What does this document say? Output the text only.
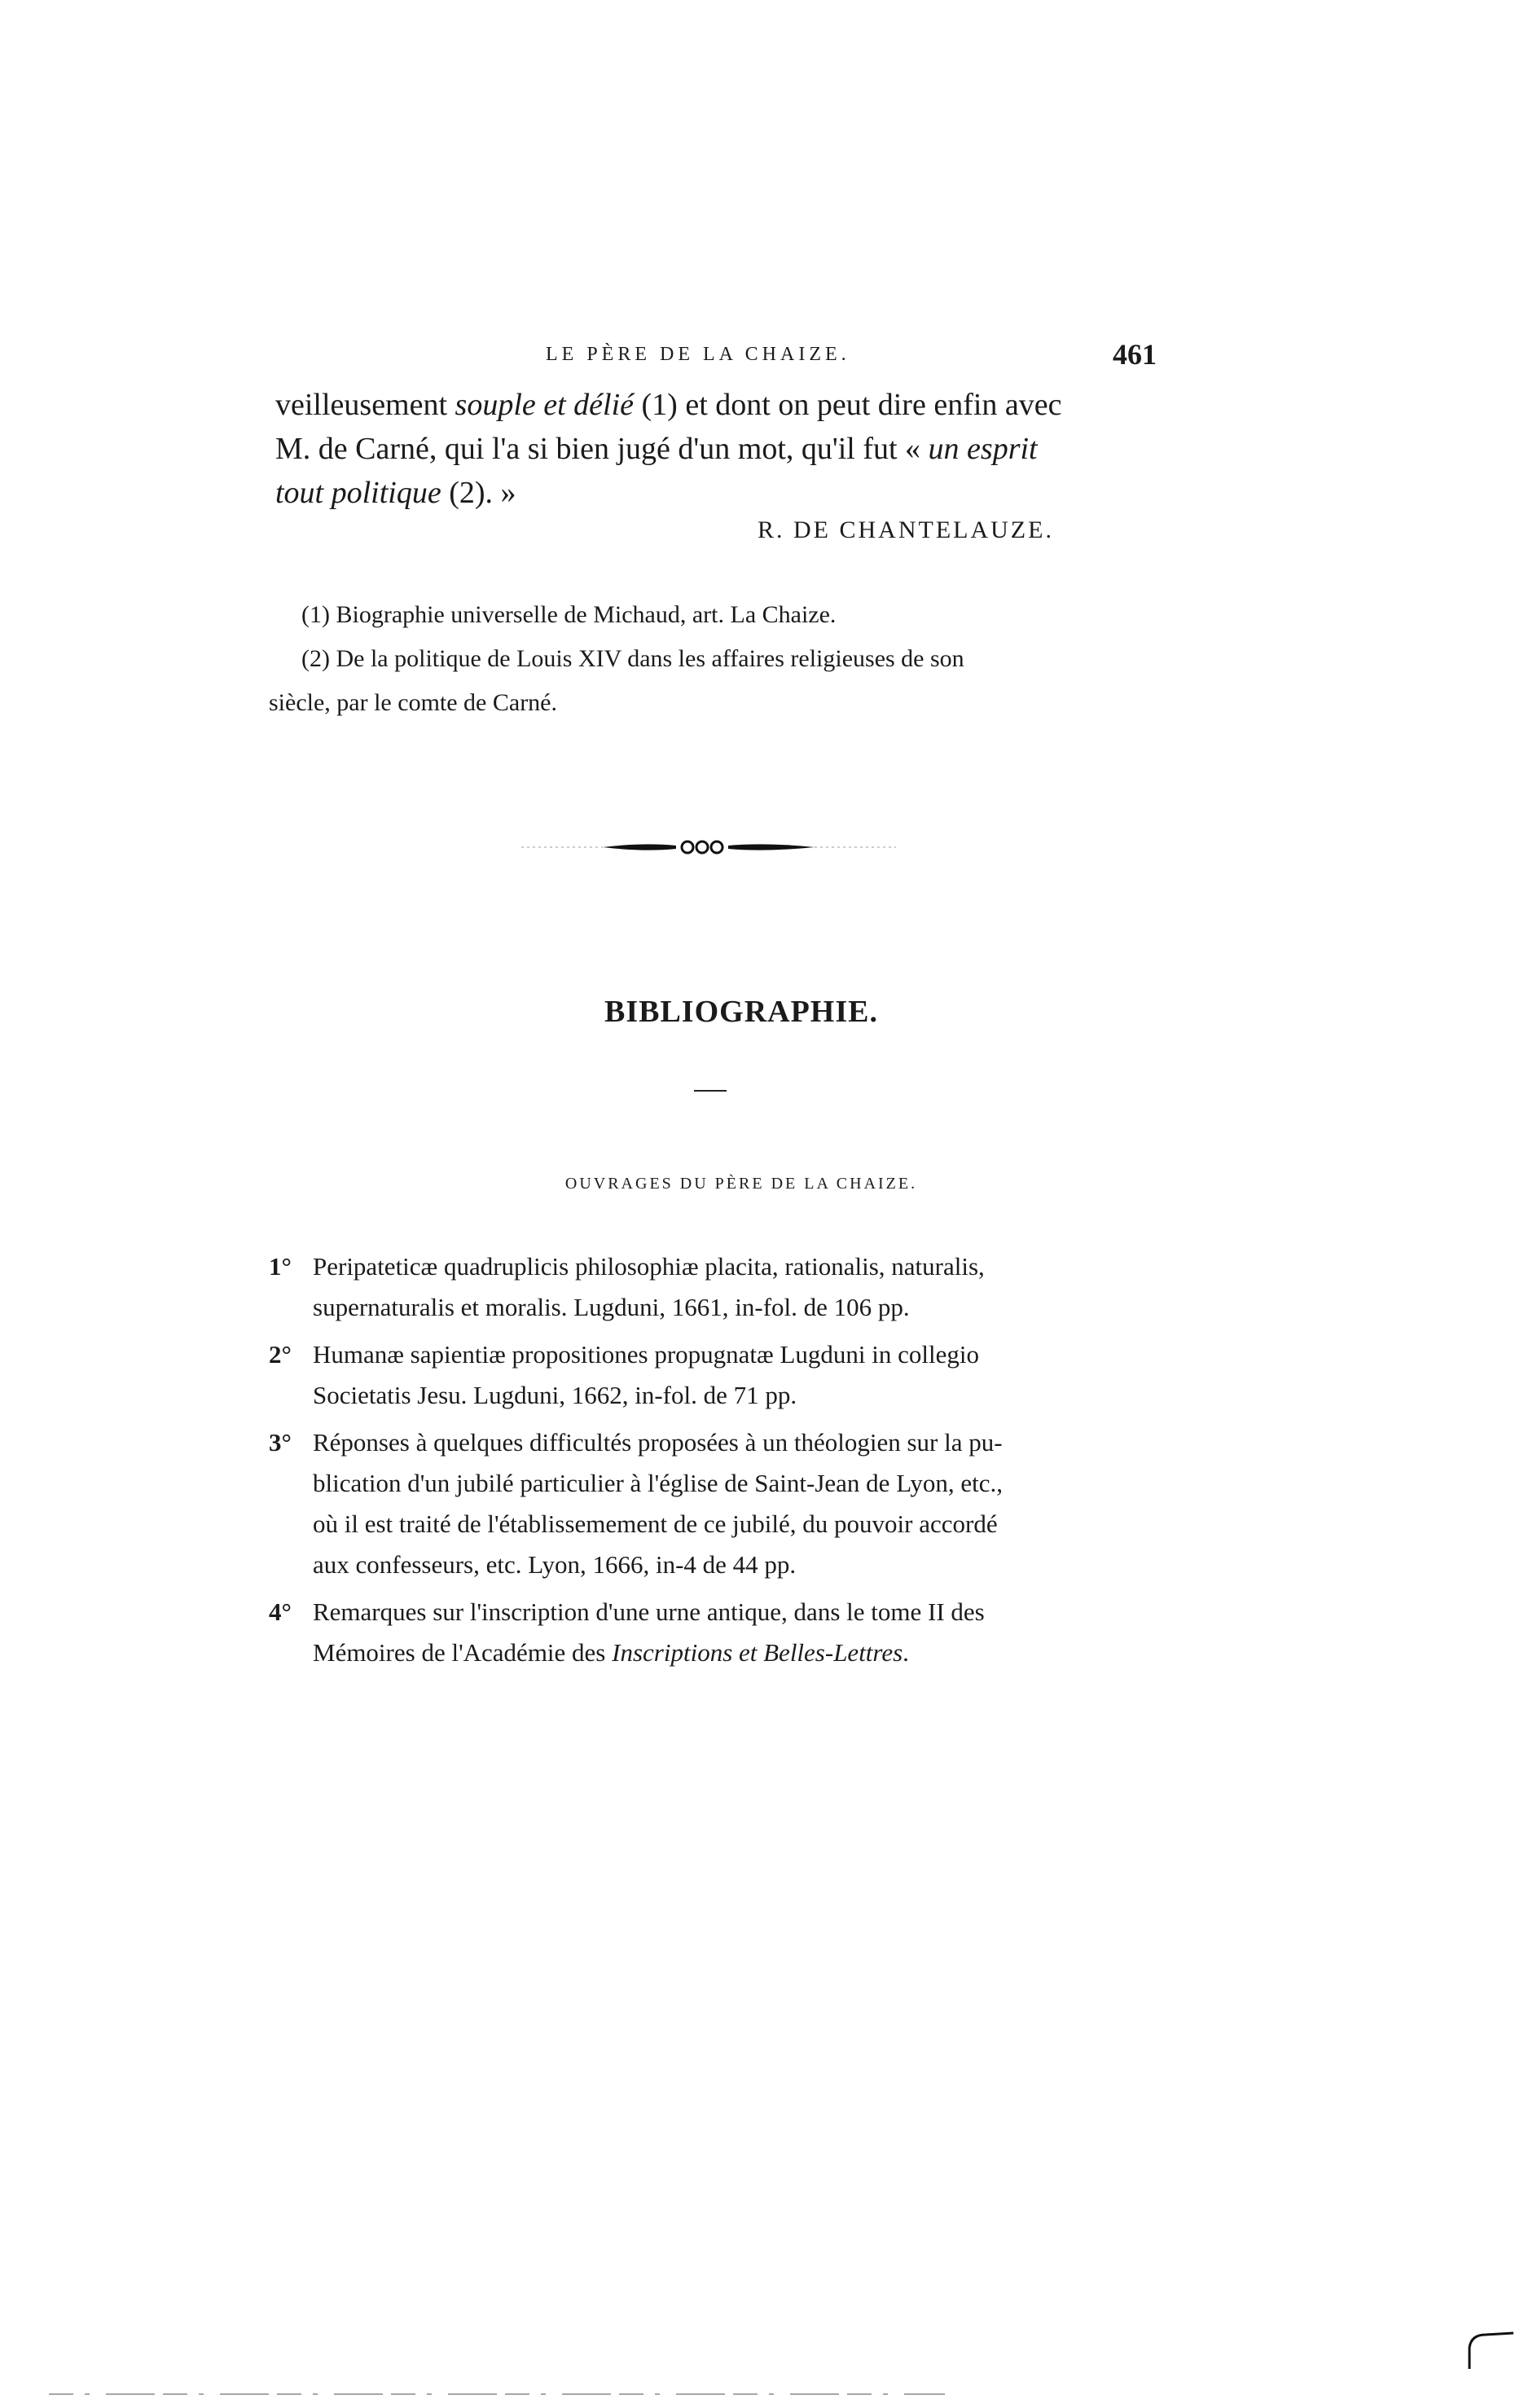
LE PÈRE DE LA CHAIZE.	461
veilleusement souple et délié (1) et dont on peut dire enfin avec
M. de Carné, qui l'a si bien jugé d'un mot, qu'il fut « un esprit
tout politique (2). »
R. DE CHANTELAUZE.
(1) Biographie universelle de Michaud, art. La Chaize.
(2) De la politique de Louis XIV dans les affaires religieuses de son
siècle, par le comte de Carné.
BIBLIOGRAPHIE.
OUVRAGES DU PÈRE DE LA CHAIZE.
1° Peripateticæ quadruplicis philosophiæ placita, rationalis, naturalis,
supernaturalis et moralis. Lugduni, 1661, in-fol. de 106 pp.
2° Humanæ sapientiæ propositiones propugnatæ Lugduni in collegio
Societatis Jesu. Lugduni, 1662, in-fol. de 71 pp.
3° Réponses à quelques difficultés proposées à un théologien sur la pu-
blication d'un jubilé particulier à l'église de Saint-Jean de Lyon, etc.,
où il est traité de l'établissemement de ce jubilé, du pouvoir accordé
aux confesseurs, etc. Lyon, 1666, in-4 de 44 pp.
4° Remarques sur l'inscription d'une urne antique, dans le tome II des
Mémoires de l'Académie des Inscriptions et Belles-Lettres.
